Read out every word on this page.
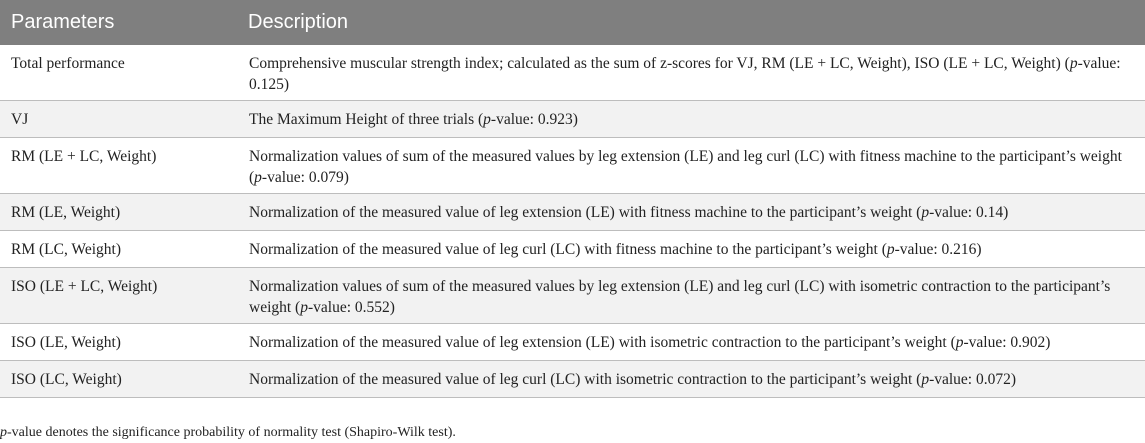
Parameters	Description
Total performance	Comprehensive muscular strength index; calculated as the sum of z-scores for VJ, RM (LE + LC, Weight), ISO (LE + LC, Weight) (p-value: 0.125)
VJ	The Maximum Height of three trials (p-value: 0.923)
RM (LE + LC, Weight)	Normalization values of sum of the measured values by leg extension (LE) and leg curl (LC) with fitness machine to the participant’s weight (p-value: 0.079)
RM (LE, Weight)	Normalization of the measured value of leg extension (LE) with fitness machine to the participant’s weight (p-value: 0.14)
RM (LC, Weight)	Normalization of the measured value of leg curl (LC) with fitness machine to the participant’s weight (p-value: 0.216)
ISO (LE + LC, Weight)	Normalization values of sum of the measured values by leg extension (LE) and leg curl (LC) with isometric contraction to the participant’s weight (p-value: 0.552)
ISO (LE, Weight)	Normalization of the measured value of leg extension (LE) with isometric contraction to the participant’s weight (p-value: 0.902)
ISO (LC, Weight)	Normalization of the measured value of leg curl (LC) with isometric contraction to the participant’s weight (p-value: 0.072)
p-value denotes the significance probability of normality test (Shapiro-Wilk test).
